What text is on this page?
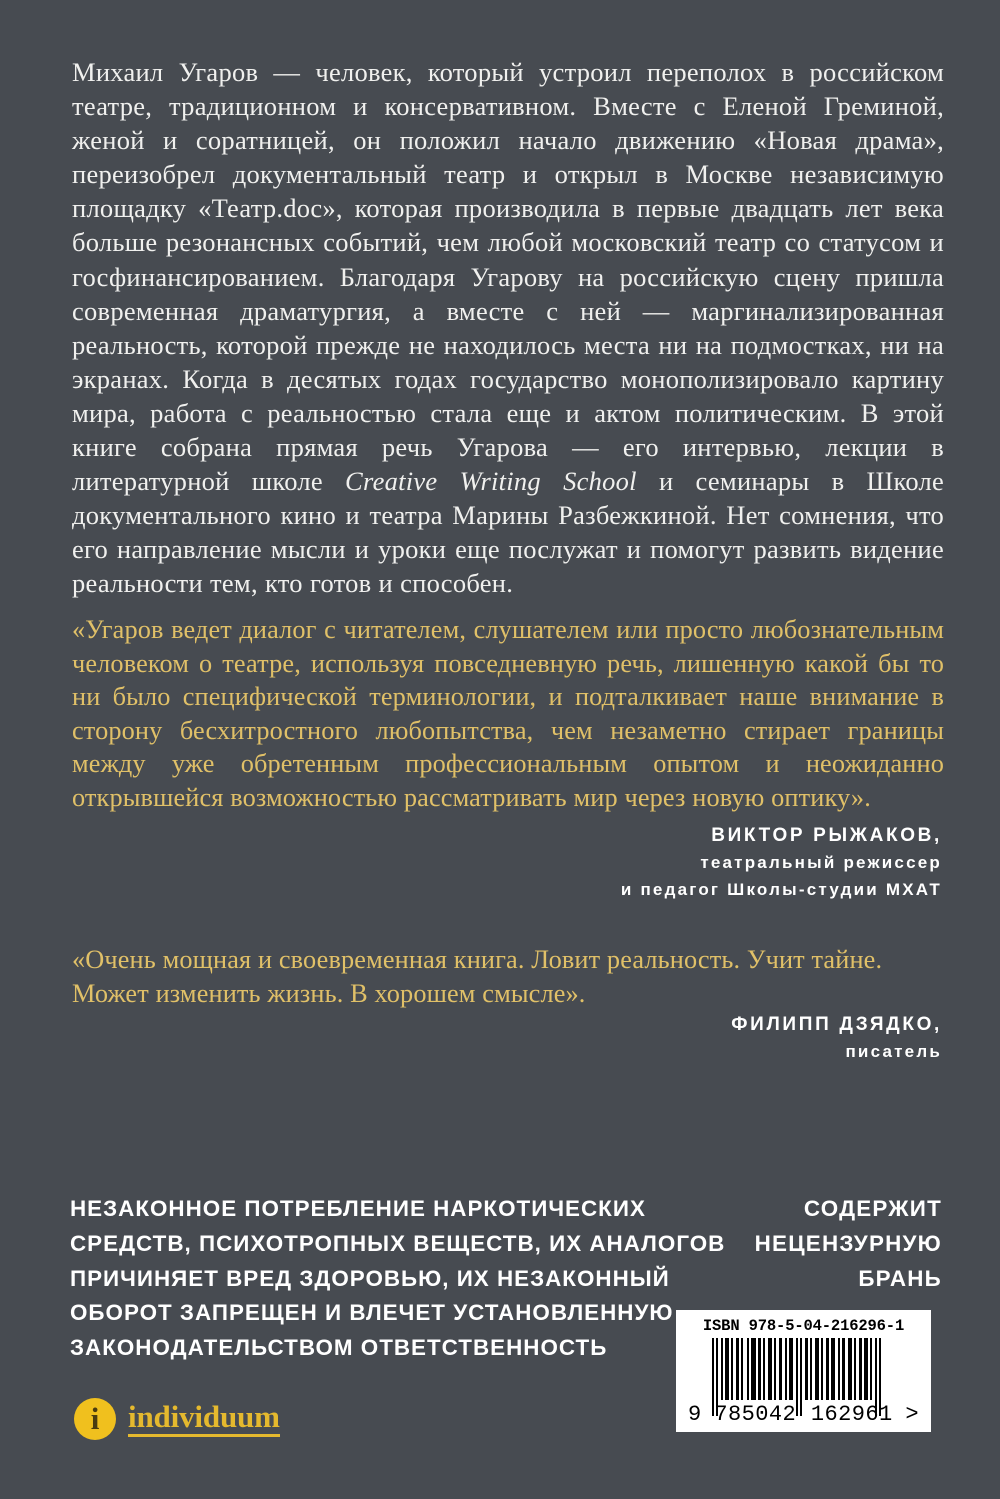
Михаил Угаров — человек, который устроил переполох в российском театре, традиционном и консервативном. Вместе с Еленой Греминой, женой и соратницей, он положил начало движению «Новая драма», переизобрел документальный театр и открыл в Москве независимую площадку «Театр.doc», которая производила в первые двадцать лет века больше резонансных событий, чем любой московский театр со статусом и госфинансированием. Благодаря Угарову на российскую сцену пришла современная драматургия, а вместе с ней — маргинализированная реальность, которой прежде не находилось места ни на подмостках, ни на экранах. Когда в десятых годах государство монополизировало картину мира, работа с реальностью стала еще и актом политическим. В этой книге собрана прямая речь Угарова — его интервью, лекции в литературной школе Creative Writing School и семинары в Школе документального кино и театра Марины Разбежкиной. Нет сомнения, что его направление мысли и уроки еще послужат и помогут развить видение реальности тем, кто готов и способен.
«Угаров ведет диалог с читателем, слушателем или просто любознательным человеком о театре, используя повседневную речь, лишенную какой бы то ни было специфической терминологии, и подталкивает наше внимание в сторону бесхитростного любопытства, чем незаметно стирает границы между уже обретенным профессиональным опытом и неожиданно открывшейся возможностью рассматривать мир через новую оптику».
ВИКТОР РЫЖАКОВ,
театральный режиссер
и педагог Школы-студии МХАТ
«Очень мощная и своевременная книга. Ловит реальность. Учит тайне. Может изменить жизнь. В хорошем смысле».
ФИЛИПП ДЗЯДКО,
писатель
НЕЗАКОННОЕ ПОТРЕБЛЕНИЕ НАРКОТИЧЕСКИХ
СРЕДСТВ, ПСИХОТРОПНЫХ ВЕЩЕСТВ, ИХ АНАЛОГОВ
ПРИЧИНЯЕТ ВРЕД ЗДОРОВЬЮ, ИХ НЕЗАКОННЫЙ
ОБОРОТ ЗАПРЕЩЕН И ВЛЕЧЕТ УСТАНОВЛЕННУЮ
ЗАКОНОДАТЕЛЬСТВОМ ОТВЕТСТВЕННОСТЬ
СОДЕРЖИТ
НЕЦЕНЗУРНУЮ
БРАНЬ
ISBN 978-5-04-216296-1
9 785042 162961 >
i individuum
